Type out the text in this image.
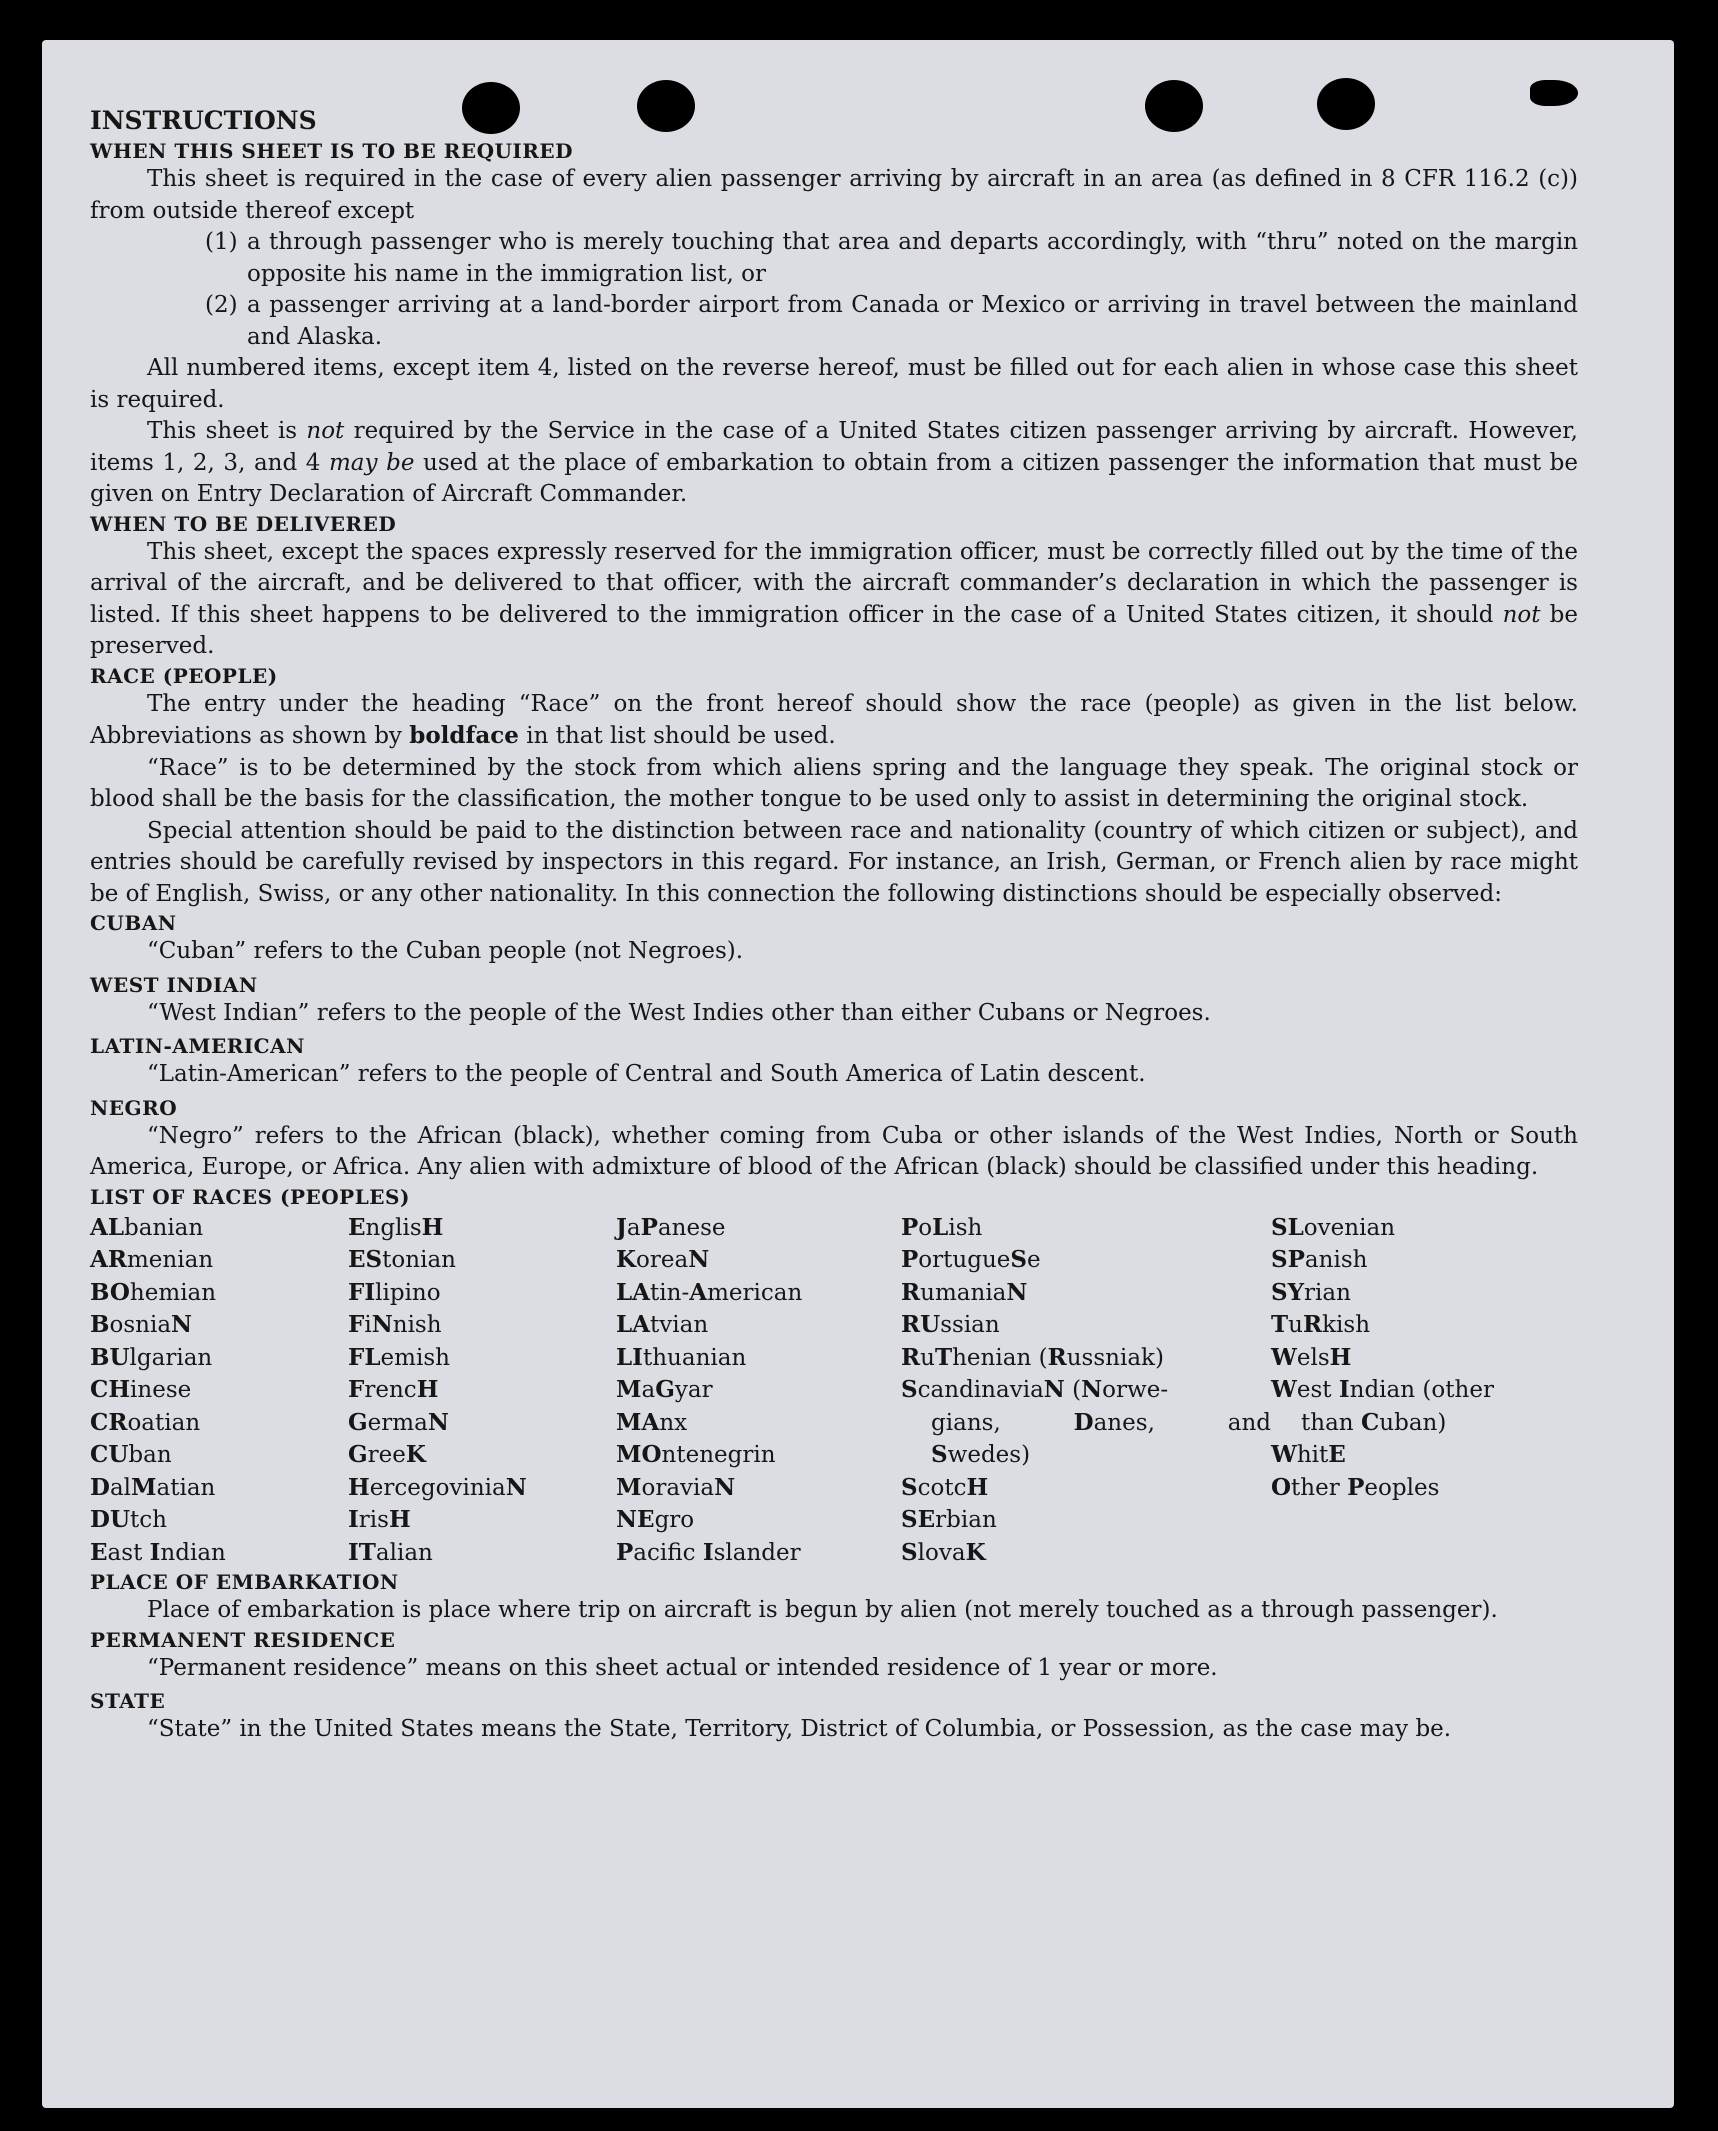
INSTRUCTIONS

WHEN THIS SHEET IS TO BE REQUIRED

This sheet is required in the case of every alien passenger arriving by aircraft in an area (as defined in 8 CFR 116.2 (c)) from outside thereof except

(1) a through passenger who is merely touching that area and departs accordingly, with “thru” noted on the margin opposite his name in the immigration list, or
(2) a passenger arriving at a land-border airport from Canada or Mexico or arriving in travel between the mainland and Alaska.

All numbered items, except item 4, listed on the reverse hereof, must be filled out for each alien in whose case this sheet is required.

This sheet is not required by the Service in the case of a United States citizen passenger arriving by aircraft. However, items 1, 2, 3, and 4 may be used at the place of embarkation to obtain from a citizen passenger the information that must be given on Entry Declaration of Aircraft Commander.

WHEN TO BE DELIVERED

This sheet, except the spaces expressly reserved for the immigration officer, must be correctly filled out by the time of the arrival of the aircraft, and be delivered to that officer, with the aircraft commander’s declaration in which the passenger is listed. If this sheet happens to be delivered to the immigration officer in the case of a United States citizen, it should not be preserved.

RACE (PEOPLE)

The entry under the heading “Race” on the front hereof should show the race (people) as given in the list below. Abbreviations as shown by boldface in that list should be used.

“Race” is to be determined by the stock from which aliens spring and the language they speak. The original stock or blood shall be the basis for the classification, the mother tongue to be used only to assist in determining the original stock.

Special attention should be paid to the distinction between race and nationality (country of which citizen or subject), and entries should be carefully revised by inspectors in this regard. For instance, an Irish, German, or French alien by race might be of English, Swiss, or any other nationality. In this connection the following distinctions should be especially observed:

CUBAN

“Cuban” refers to the Cuban people (not Negroes).

WEST INDIAN

“West Indian” refers to the people of the West Indies other than either Cubans or Negroes.

LATIN-AMERICAN

“Latin-American” refers to the people of Central and South America of Latin descent.

NEGRO

“Negro” refers to the African (black), whether coming from Cuba or other islands of the West Indies, North or South America, Europe, or Africa. Any alien with admixture of blood of the African (black) should be classified under this heading.

LIST OF RACES (PEOPLES)

ALbanian
ARmenian
BOhemian
BosniaN
BUlgarian
CHinese
CRoatian
CUban
DalMatian
DUtch
East Indian
EnglisH
EStonian
FIlipino
FiNnish
FLemish
FrencH
GermaN
GreeK
HercegoviniaN
IrisH
ITalian
JaPanese
KoreaN
LAtin-American
LAtvian
LIthuanian
MaGyar
MAnx
MOntenegrin
MoraviaN
NEgro
Pacifc Islander
PoLish
PortugueSe
RumaniaN
RUssian
RuThenian (Russniak)
ScandinaviaN (Norwe-
gians,	Danes,	and
Swedes)
ScotcH
SErbian
SlovaK
SLovenian
SPanish
SYrian
TuRkish
WelsH
West Indian (other
than Cuban)
WhitE
Other Peoples

PLACE OF EMBARKATION

Place of embarkation is place where trip on aircraft is begun by alien (not merely touched as a through passenger).

PERMANENT RESIDENCE

“Permanent residence” means on this sheet actual or intended residence of 1 year or more.

STATE

“State” in the United States means the State, Territory, District of Columbia, or Possession, as the case may be.
